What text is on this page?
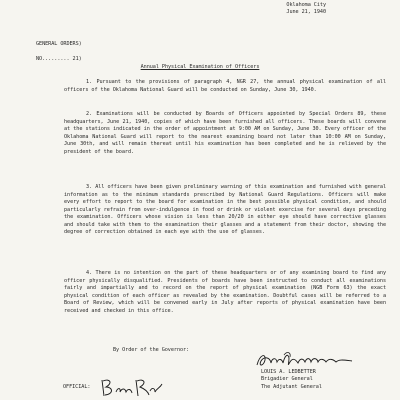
Oklahoma City
June 21, 1940
GENERAL ORDERS)
NO......... 21)
Annual Physical Examination of Officers
1. Pursuant to the provisions of paragraph 4, NGR 27, the annual physical examination of all officers of the Oklahoma National Guard will be conducted on Sunday, June 30, 1940.
2. Examinations will be conducted by Boards of Officers appointed by Special Orders 89, these headquarters, June 21, 1940, copies of which have been furnished all officers. These boards will convene at the stations indicated in the order of appointment at 9:00 AM on Sunday, June 30. Every officer of the Oklahoma National Guard will report to the nearest examining board not later than 10:00 AM on Sunday, June 30th, and will remain thereat until his examination has been completed and he is relieved by the president of the board.
3. All officers have been given preliminary warning of this examination and furnished with general information as to the minimum standards prescribed by National Guard Regulations. Officers will make every effort to report to the board for examination in the best possible physical condition, and should particularly refrain from over-indulgence in food or drink or violent exercise for several days preceding the examination. Officers whose vision is less than 20/20 in either eye should have corrective glasses and should take with them to the examination their glasses and a statement from their doctor, showing the degree of correction obtained in each eye with the use of glasses.
4. There is no intention on the part of these headquarters or of any examining board to find any officer physically disqualified. Presidents of boards have been instructed to conduct all examinations fairly and impartially and to record on the report of physical examination (NGB Form 63) the exact physical condition of each officer as revealed by the examination. Doubtful cases will be referred to a Board of Review, which will be convened early in July after reports of physical examination have been received and checked in this office.
By Order of the Governor:
LOUIS A. LEDBETTER
Brigadier General
The Adjutant General
OFFICIAL:
